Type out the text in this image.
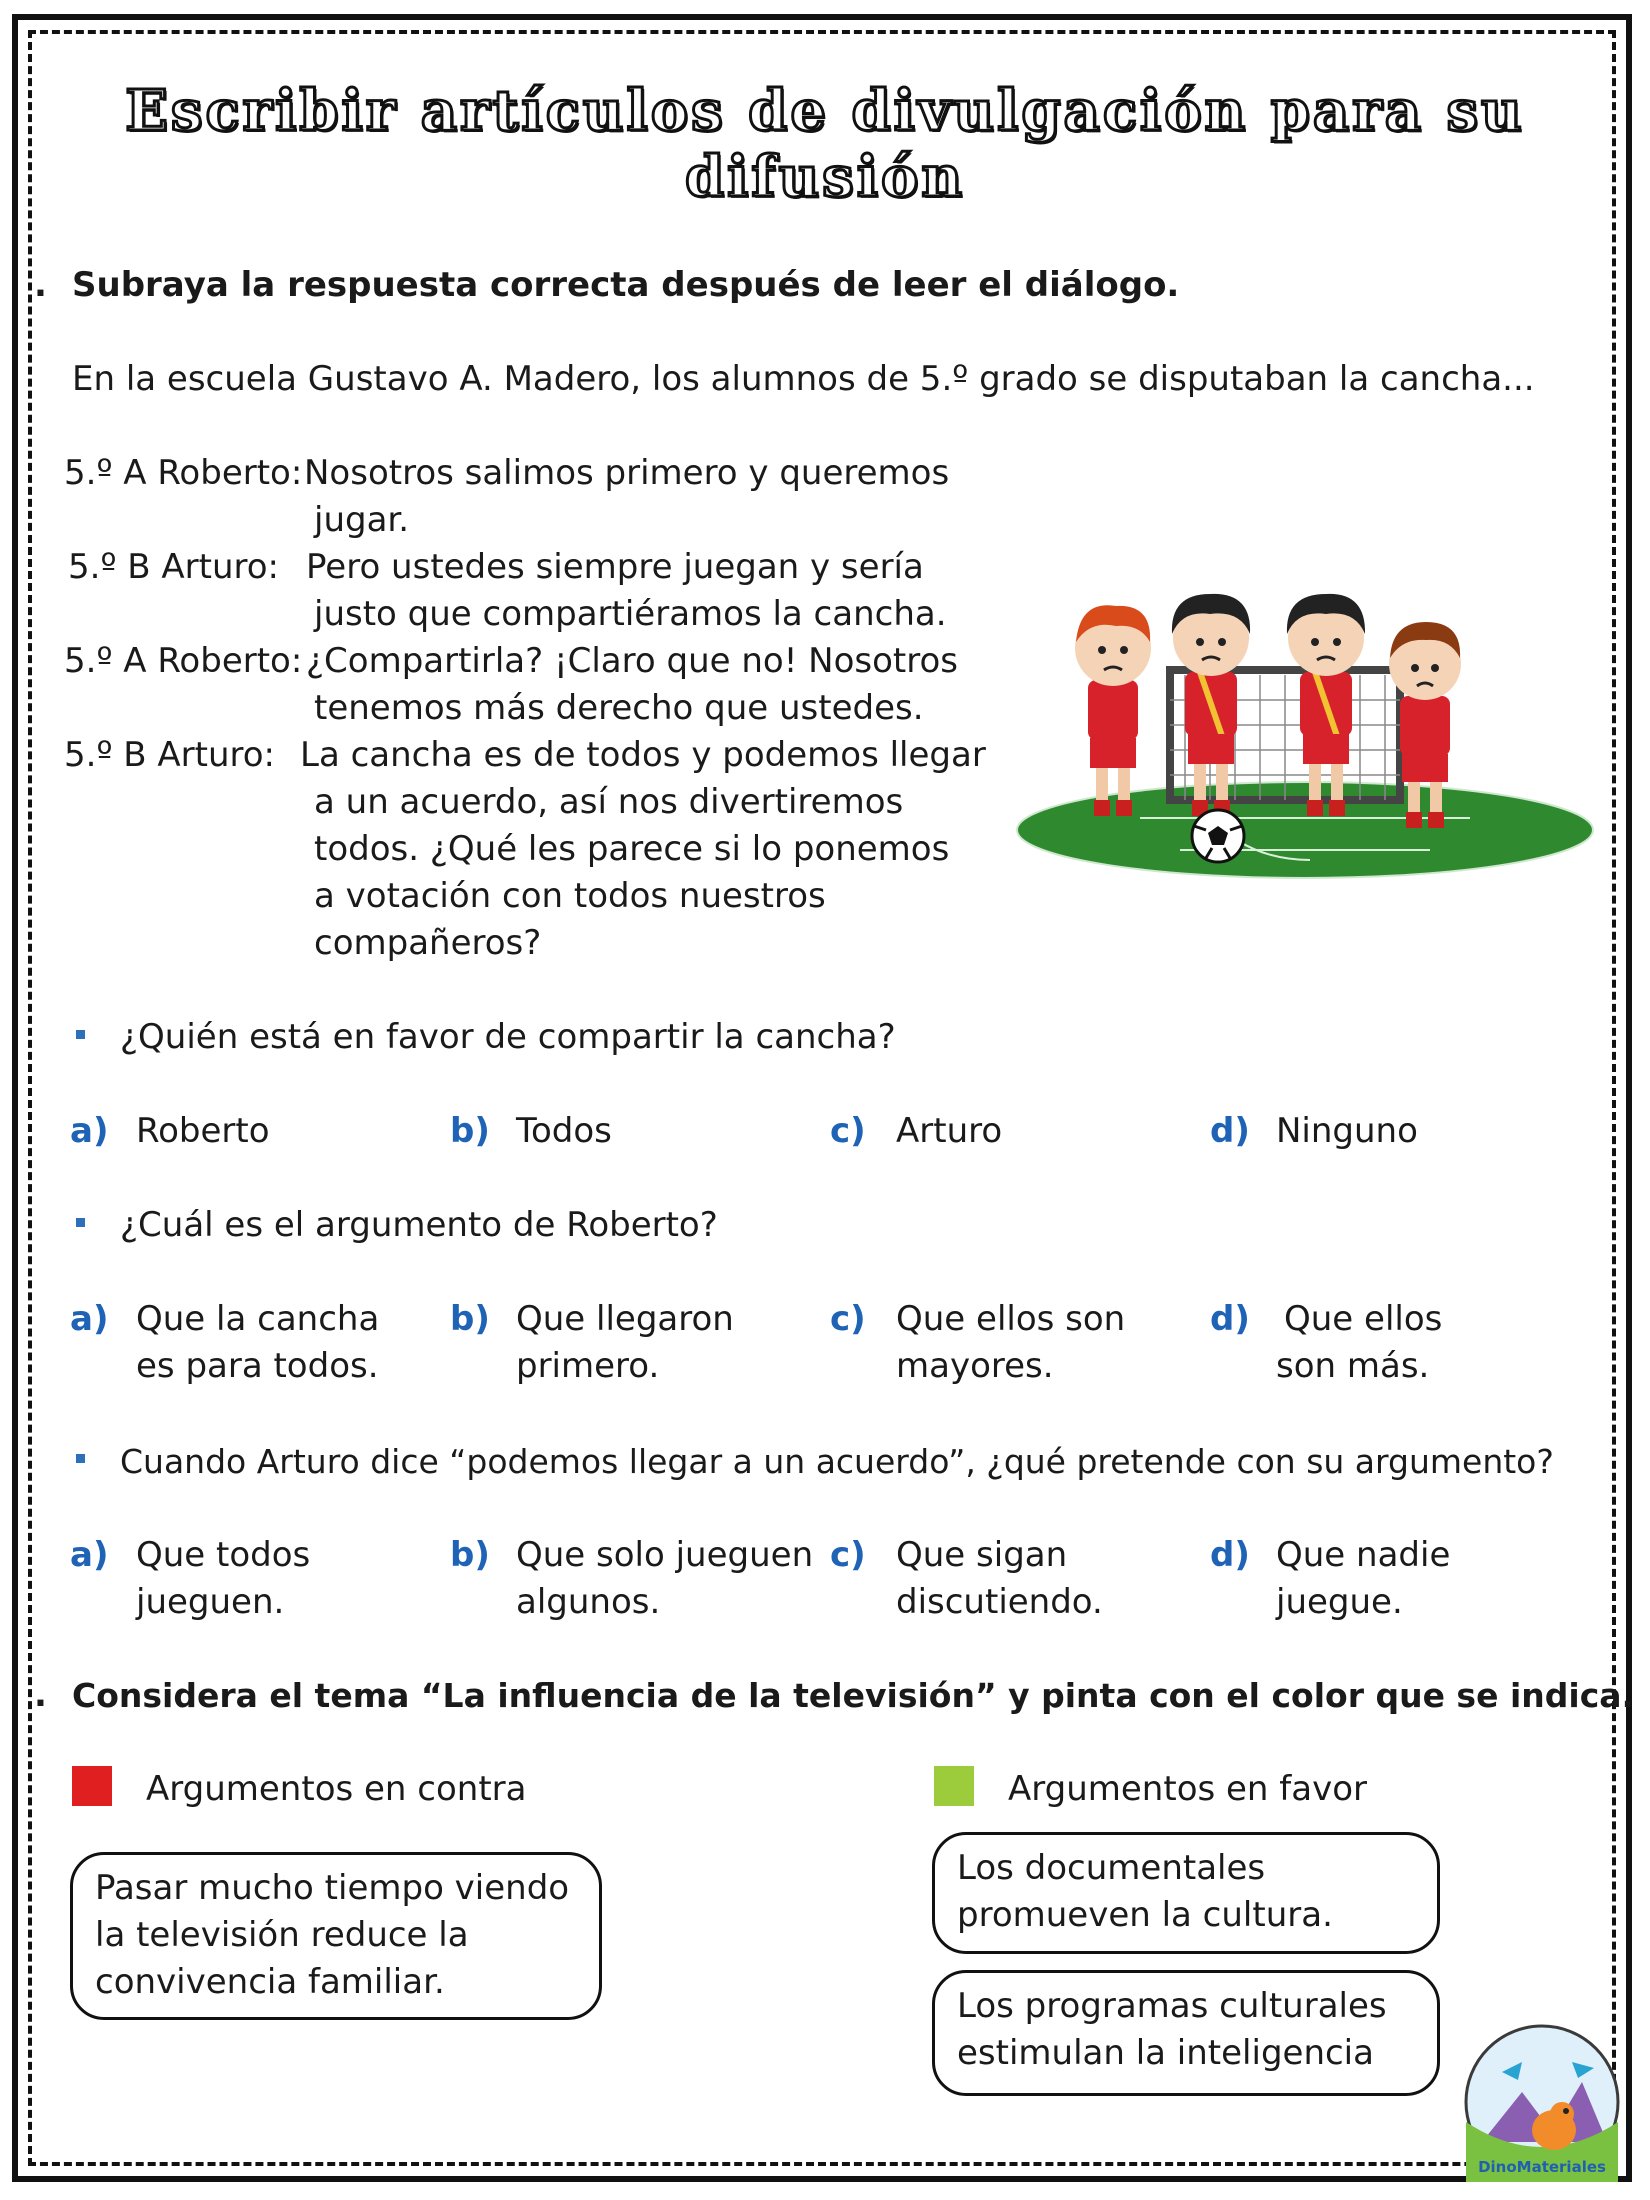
Escribir artículos de divulgación para su difusión
. Subraya la respuesta correcta después de leer el diálogo.
En la escuela Gustavo A. Madero, los alumnos de 5.º grado se disputaban la cancha...
5.º A Roberto: Nosotros salimos primero y queremos
jugar.
5.º B Arturo: Pero ustedes siempre juegan y sería
justo que compartiéramos la cancha.
5.º A Roberto: ¿Compartirla? ¡Claro que no! Nosotros
tenemos más derecho que ustedes.
5.º B Arturo: La cancha es de todos y podemos llegar
a un acuerdo, así nos divertiremos
todos. ¿Qué les parece si lo ponemos
a votación con todos nuestros
compañeros?
¿Quién está en favor de compartir la cancha?
a) Roberto	b) Todos	c) Arturo	d) Ninguno
¿Cuál es el argumento de Roberto?
a) Que la cancha
es para todos.
b) Que llegaron
primero.
c) Que ellos son
mayores.
d) Que ellos
son más.
Cuando Arturo dice “podemos llegar a un acuerdo”, ¿qué pretende con su argumento?
a) Que todos
jueguen.
b) Que solo jueguen
algunos.
c) Que sigan
discutiendo.
d) Que nadie
juegue.
. Considera el tema “La influencia de la televisión” y pinta con el color que se indica.
Argumentos en contra	Argumentos en favor
Pasar mucho tiempo viendo
la televisión reduce la
convivencia familiar.
Los documentales
promueven la cultura.
Los programas culturales
estimulan la inteligencia
DinoMateriales
